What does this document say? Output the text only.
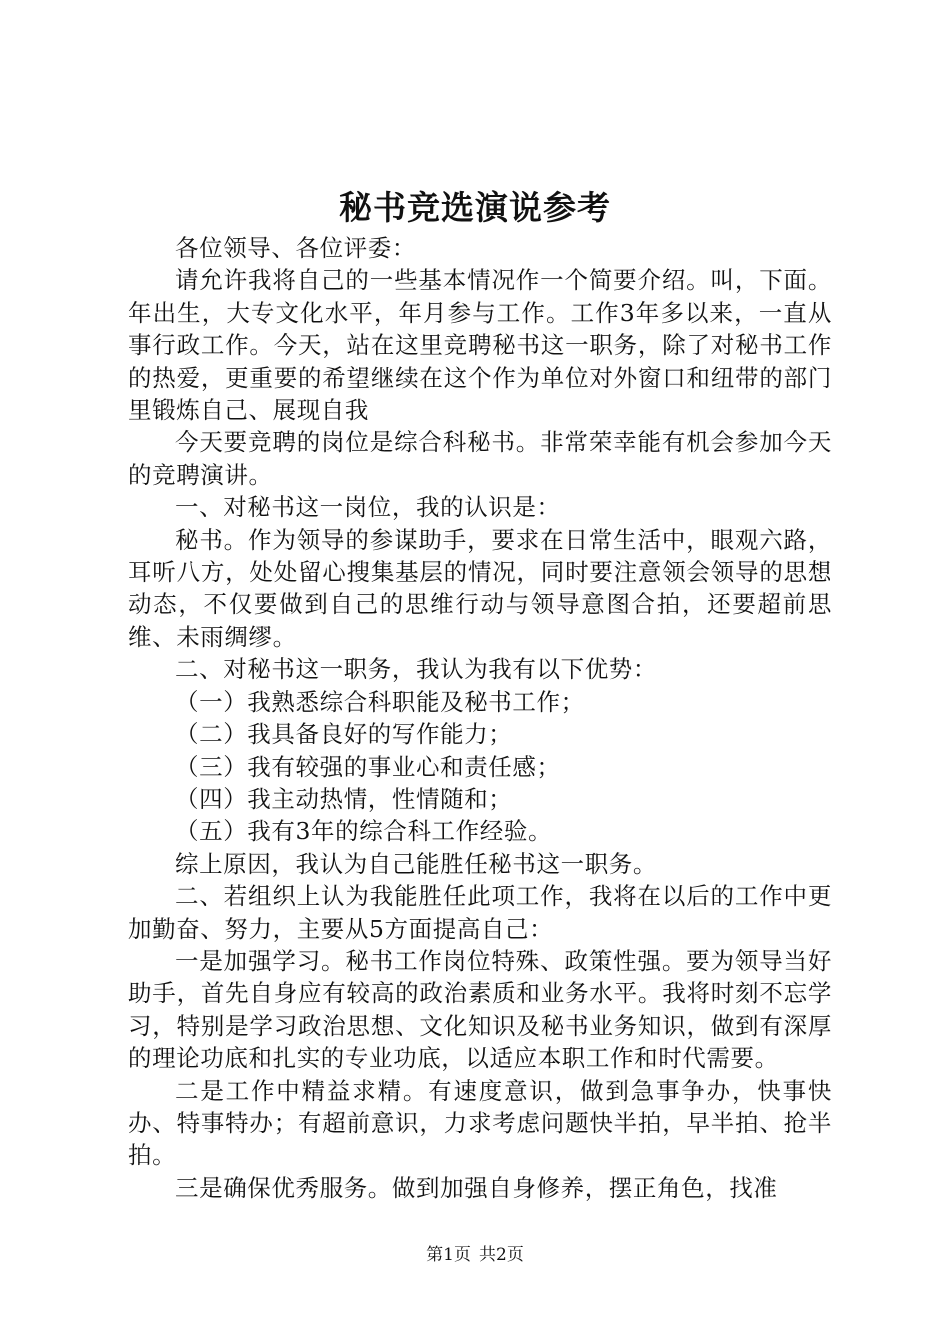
秘书竞选演说参考

各位领导、各位评委：

请允许我将自己的一些基本情况作一个简要介绍。叫，下面。年出生，大专文化水平，年月参与工作。工作3年多以来，一直从事行政工作。今天，站在这里竞聘秘书这一职务，除了对秘书工作的热爱，更重要的希望继续在这个作为单位对外窗口和纽带的部门里锻炼自己、展现自我

今天要竞聘的岗位是综合科秘书。非常荣幸能有机会参加今天的竞聘演讲。

一、对秘书这一岗位，我的认识是：

秘书。作为领导的参谋助手，要求在日常生活中，眼观六路，耳听八方，处处留心搜集基层的情况，同时要注意领会领导的思想动态，不仅要做到自己的思维行动与领导意图合拍，还要超前思维、未雨绸缪。

二、对秘书这一职务，我认为我有以下优势：

（一）我熟悉综合科职能及秘书工作；

（二）我具备良好的写作能力；

（三）我有较强的事业心和责任感；

（四）我主动热情，性情随和；

（五）我有3年的综合科工作经验。

综上原因，我认为自己能胜任秘书这一职务。

二、若组织上认为我能胜任此项工作，我将在以后的工作中更加勤奋、努力，主要从5方面提高自己：

一是加强学习。秘书工作岗位特殊、政策性强。要为领导当好助手，首先自身应有较高的政治素质和业务水平。我将时刻不忘学习，特别是学习政治思想、文化知识及秘书业务知识，做到有深厚的理论功底和扎实的专业功底，以适应本职工作和时代需要。

二是工作中精益求精。有速度意识，做到急事争办，快事快办、特事特办；有超前意识，力求考虑问题快半拍，早半拍、抢半拍。

三是确保优秀服务。做到加强自身修养，摆正角色，找准

第1页 共2页
